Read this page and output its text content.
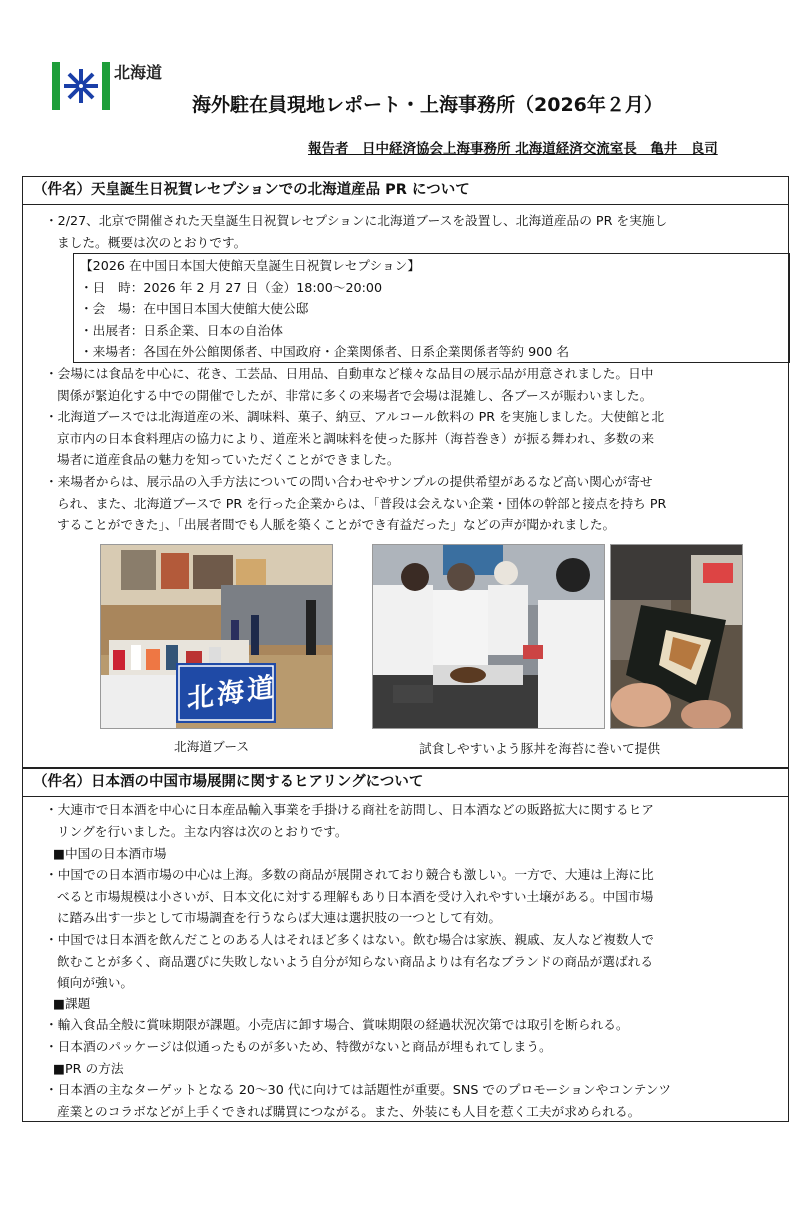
北海道
海外駐在員現地レポート・上海事務所（2026年２月）
報告者　日中経済協会上海事務所 北海道経済交流室長　亀井　良司
（件名）天皇誕生日祝賀レセプションでの北海道産品 PR について
・2/27、北京で開催された天皇誕生日祝賀レセプションに北海道ブースを設置し、北海道産品の PR を実施し
ました。概要は次のとおりです。
【2026 在中国日本国大使館天皇誕生日祝賀レセプション】
・日　時：2026 年 2 月 27 日（金）18:00～20:00
・会　場：在中国日本国大使館大使公邸
・出展者：日系企業、日本の自治体
・来場者：各国在外公館関係者、中国政府・企業関係者、日系企業関係者等約 900 名
・会場には食品を中心に、花き、工芸品、日用品、自動車など様々な品目の展示品が用意されました。日中
関係が緊迫化する中での開催でしたが、非常に多くの来場者で会場は混雑し、各ブースが賑わいました。
・北海道ブースでは北海道産の米、調味料、菓子、納豆、アルコール飲料の PR を実施しました。大使館と北
京市内の日本食料理店の協力により、道産米と調味料を使った豚丼（海苔巻き）が振る舞われ、多数の来
場者に道産食品の魅力を知っていただくことができました。
・来場者からは、展示品の入手方法についての問い合わせやサンプルの提供希望があるなど高い関心が寄せ
られ、また、北海道ブースで PR を行った企業からは、「普段は会えない企業・団体の幹部と接点を持ち PR
することができた」、「出展者間でも人脈を築くことができ有益だった」などの声が聞かれました。
北海道
北海道ブース	試食しやすいよう豚丼を海苔に巻いて提供
（件名）日本酒の中国市場展開に関するヒアリングについて
・大連市で日本酒を中心に日本産品輸入事業を手掛ける商社を訪問し、日本酒などの販路拡大に関するヒア
リングを行いました。主な内容は次のとおりです。
■中国の日本酒市場
・中国での日本酒市場の中心は上海。多数の商品が展開されており競合も激しい。一方で、大連は上海に比
べると市場規模は小さいが、日本文化に対する理解もあり日本酒を受け入れやすい土壌がある。中国市場
に踏み出す一歩として市場調査を行うならば大連は選択肢の一つとして有効。
・中国では日本酒を飲んだことのある人はそれほど多くはない。飲む場合は家族、親戚、友人など複数人で
飲むことが多く、商品選びに失敗しないよう自分が知らない商品よりは有名なブランドの商品が選ばれる
傾向が強い。
■課題
・輸入食品全般に賞味期限が課題。小売店に卸す場合、賞味期限の経過状況次第では取引を断られる。
・日本酒のパッケージは似通ったものが多いため、特徴がないと商品が埋もれてしまう。
■PR の方法
・日本酒の主なターゲットとなる 20～30 代に向けては話題性が重要。SNS でのプロモーションやコンテンツ
産業とのコラボなどが上手くできれば購買につながる。また、外装にも人目を惹く工夫が求められる。
